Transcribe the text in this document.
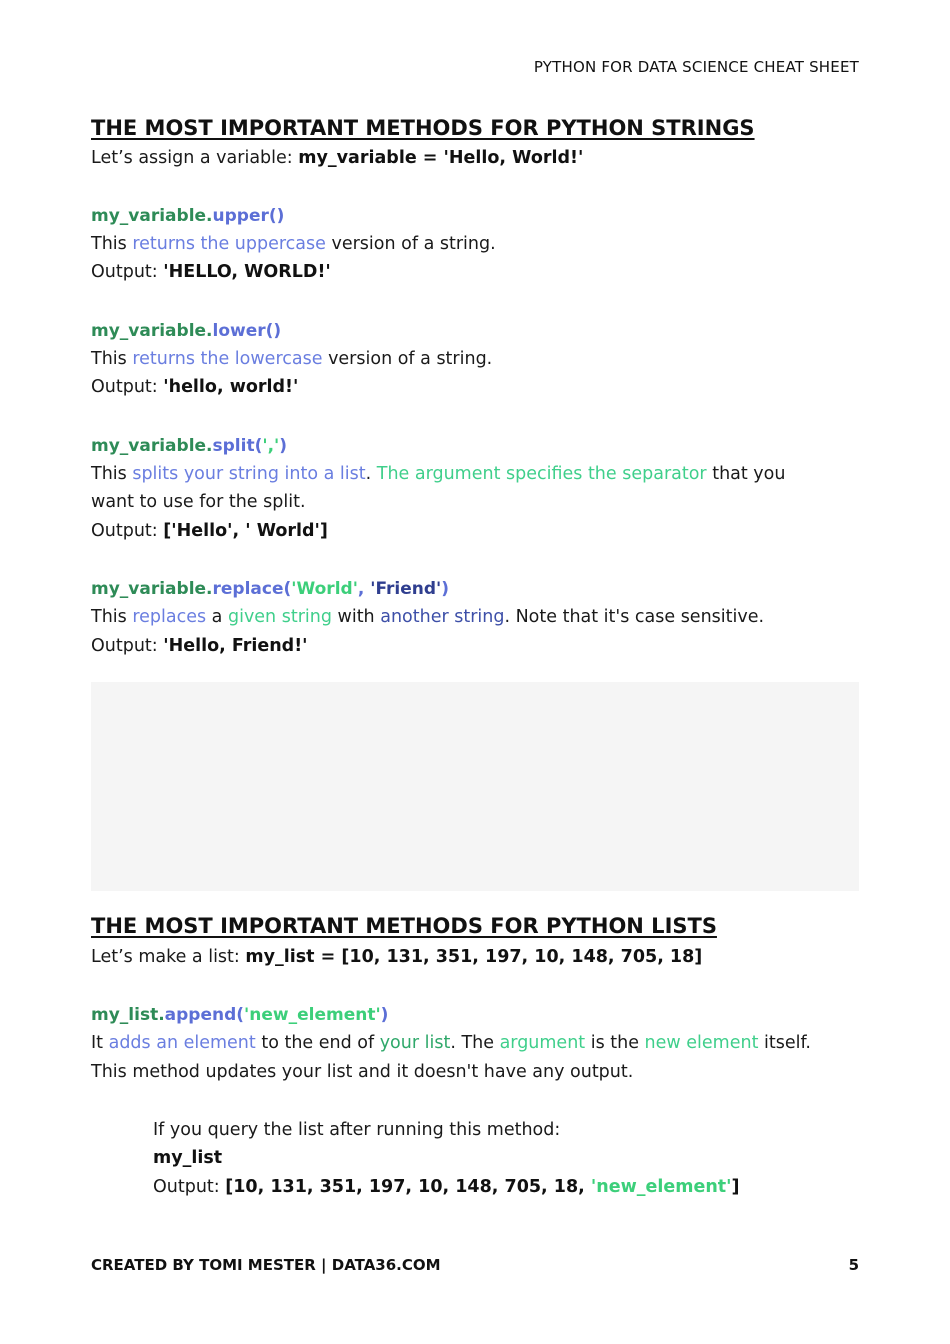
PYTHON FOR DATA SCIENCE CHEAT SHEET
THE MOST IMPORTANT METHODS FOR PYTHON STRINGS
Let’s assign a variable: my_variable = 'Hello, World!'
my_variable.upper()
This returns the uppercase version of a string.
Output: 'HELLO, WORLD!'
my_variable.lower()
This returns the lowercase version of a string.
Output: 'hello, world!'
my_variable.split(',')
This splits your string into a list. The argument specifies the separator that you
want to use for the split.
Output: ['Hello', ' World']
my_variable.replace('World', 'Friend')
This replaces a given string with another string. Note that it's case sensitive.
Output: 'Hello, Friend!'
THE MOST IMPORTANT METHODS FOR PYTHON LISTS
Let’s make a list: my_list = [10, 131, 351, 197, 10, 148, 705, 18]
my_list.append('new_element')
It adds an element to the end of your list. The argument is the new element itself.
This method updates your list and it doesn't have any output.
If you query the list after running this method:
my_list
Output: [10, 131, 351, 197, 10, 148, 705, 18, 'new_element']
CREATED BY TOMI MESTER | DATA36.COM	5
